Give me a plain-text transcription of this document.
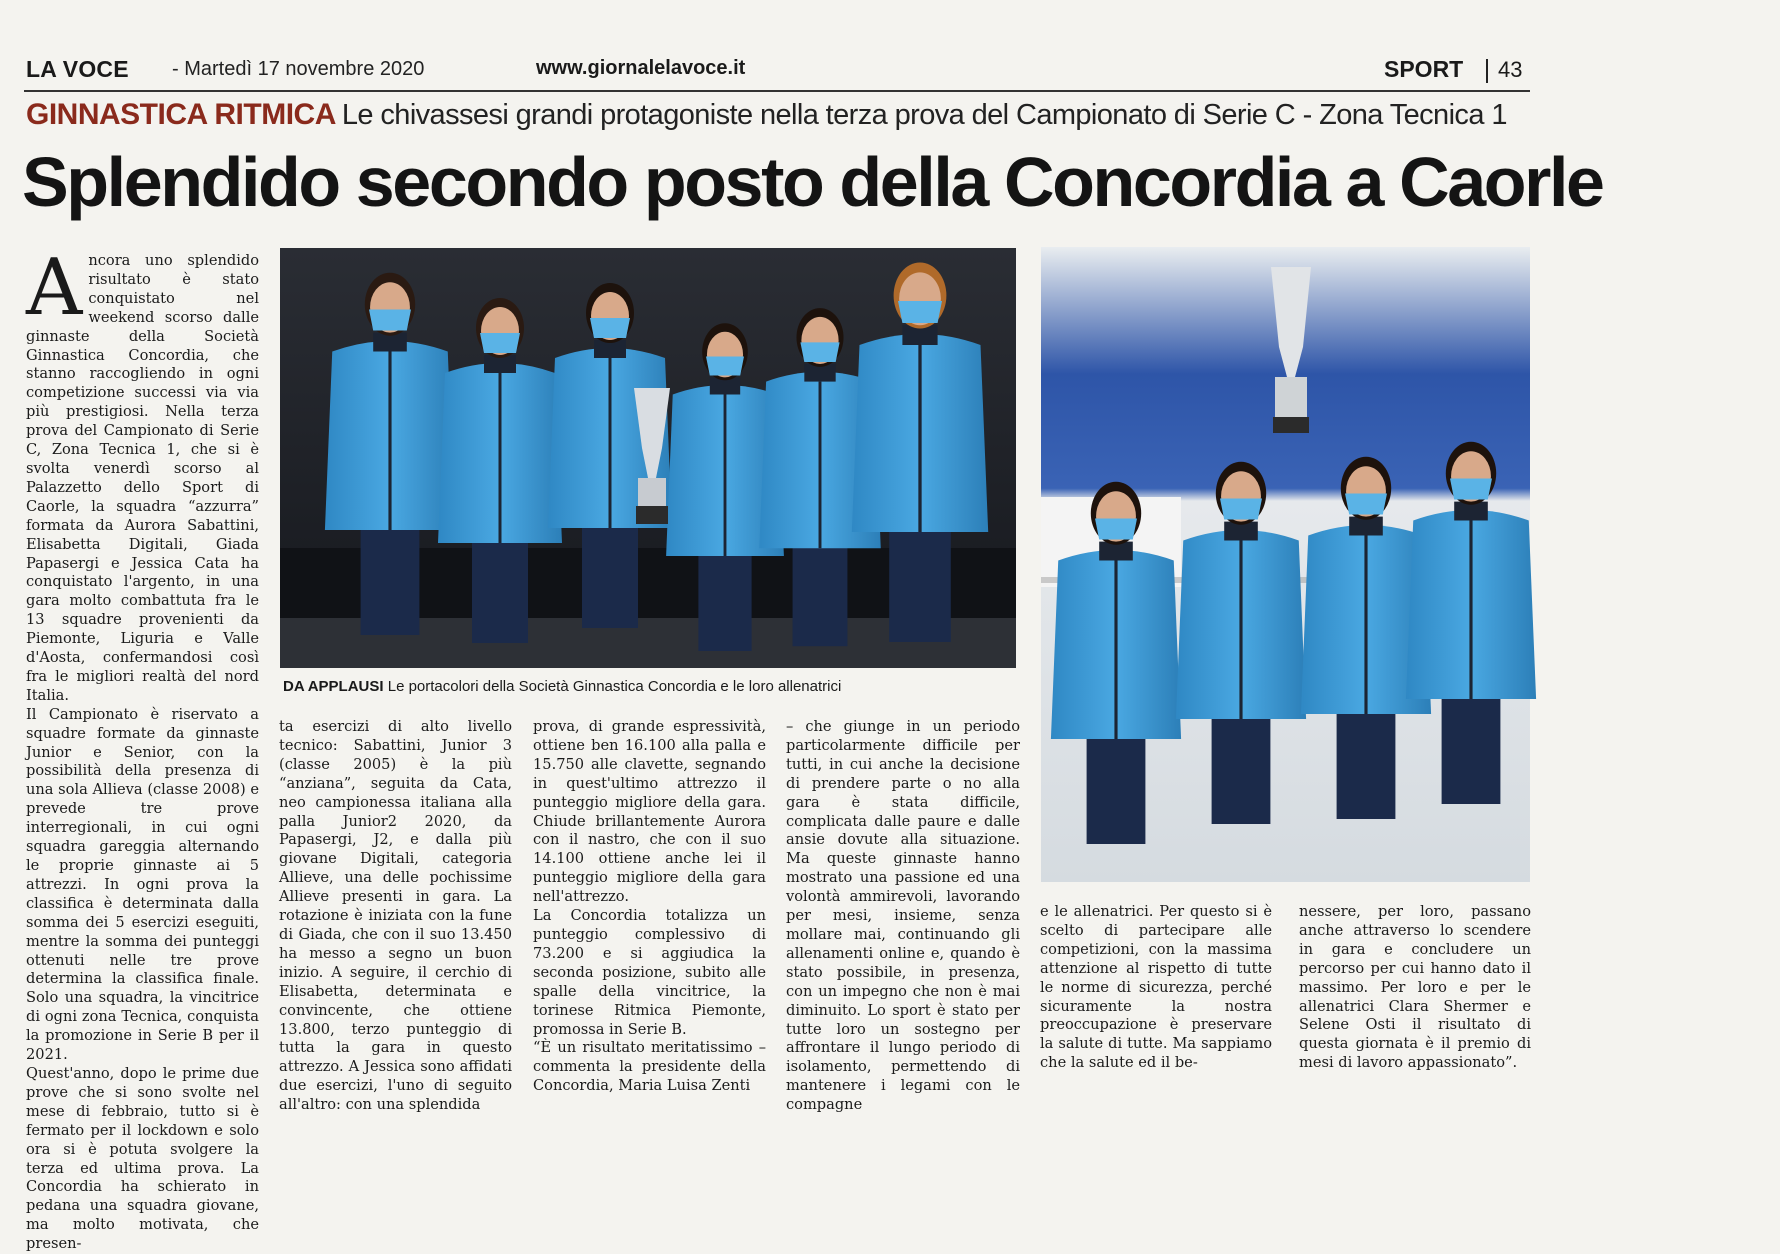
LA VOCE - Martedì 17 novembre 2020	www.giornalelavoce.it	SPORT 43
GINNASTICA RITMICA Le chivassesi grandi protagoniste nella terza prova del Campionato di Serie C - Zona Tecnica 1
Splendido secondo posto della Concordia a Caorle
A ncora uno splendido risultato è stato conquistato nel weekend scorso dalle ginnaste della Società Ginnastica Concordia, che stanno raccogliendo in ogni competizione successi via via più prestigiosi. Nella terza prova del Campionato di Serie C, Zona Tecnica 1, che si è svolta venerdì scorso al Palazzetto dello Sport di Caorle, la squadra “azzurra” formata da Aurora Sabattini, Elisabetta Digitali, Giada Papasergi e Jessica Cata ha conquistato l'argento, in una gara molto combattuta fra le 13 squadre provenienti da Piemonte, Liguria e Valle d'Aosta, confermandosi così fra le migliori realtà del nord Italia.

Il Campionato è riservato a squadre formate da ginnaste Junior e Senior, con la possibilità della presenza di una sola Allieva (classe 2008) e prevede tre prove interregionali, in cui ogni squadra gareggia alternando le proprie ginnaste ai 5 attrezzi. In ogni prova la classifica è determinata dalla somma dei 5 esercizi eseguiti, mentre la somma dei punteggi ottenuti nelle tre prove determina la classifica finale. Solo una squadra, la vincitrice di ogni zona Tecnica, conquista la promozione in Serie B per il 2021.

Quest'anno, dopo le prime due prove che si sono svolte nel mese di febbraio, tutto si è fermato per il lockdown e solo ora si è potuta svolgere la terza ed ultima prova. La Concordia ha schierato in pedana una squadra giovane, ma molto motivata, che presen-

DA APPLAUSI Le portacolori della Società Ginnastica Concordia e le loro allenatrici

ta esercizi di alto livello tecnico: Sabattini, Junior 3 (classe 2005) è la più “anziana”, seguita da Cata, neo campionessa italiana alla palla Junior2 2020, da Papasergi, J2, e dalla più giovane Digitali, categoria Allieve, una delle pochissime Allieve presenti in gara. La rotazione è iniziata con la fune di Giada, che con il suo 13.450 ha messo a segno un buon inizio. A seguire, il cerchio di Elisabetta, determinata e convincente, che ottiene 13.800, terzo punteggio di tutta la gara in questo attrezzo. A Jessica sono affidati due esercizi, l'uno di seguito all'altro: con una splendida

prova, di grande espressività, ottiene ben 16.100 alla palla e 15.750 alle clavette, segnando in quest'ultimo attrezzo il punteggio migliore della gara. Chiude brillantemente Aurora con il nastro, che con il suo 14.100 ottiene anche lei il punteggio migliore della gara nell'attrezzo.

La Concordia totalizza un punteggio complessivo di 73.200 e si aggiudica la seconda posizione, subito alle spalle della vincitrice, la torinese Ritmica Piemonte, promossa in Serie B.

“È un risultato meritatissimo – commenta la presidente della Concordia, Maria Luisa Zenti

– che giunge in un periodo particolarmente difficile per tutti, in cui anche la decisione di prendere parte o no alla gara è stata difficile, complicata dalle paure e dalle ansie dovute alla situazione. Ma queste ginnaste hanno mostrato una passione ed una volontà ammirevoli, lavorando per mesi, insieme, senza mollare mai, continuando gli allenamenti online e, quando è stato possibile, in presenza, con un impegno che non è mai diminuito. Lo sport è stato per tutte loro un sostegno per affrontare il lungo periodo di isolamento, permettendo di mantenere i legami con le compagne

e le allenatrici. Per questo si è scelto di partecipare alle competizioni, con la massima attenzione al rispetto di tutte le norme di sicurezza, perché sicuramente la nostra preoccupazione è preservare la salute di tutte. Ma sappiamo che la salute ed il be-

nessere, per loro, passano anche attraverso lo scendere in gara e concludere un percorso per cui hanno dato il massimo. Per loro e per le allenatrici Clara Shermer e Selene Osti il risultato di questa giornata è il premio di mesi di lavoro appassionato”.
